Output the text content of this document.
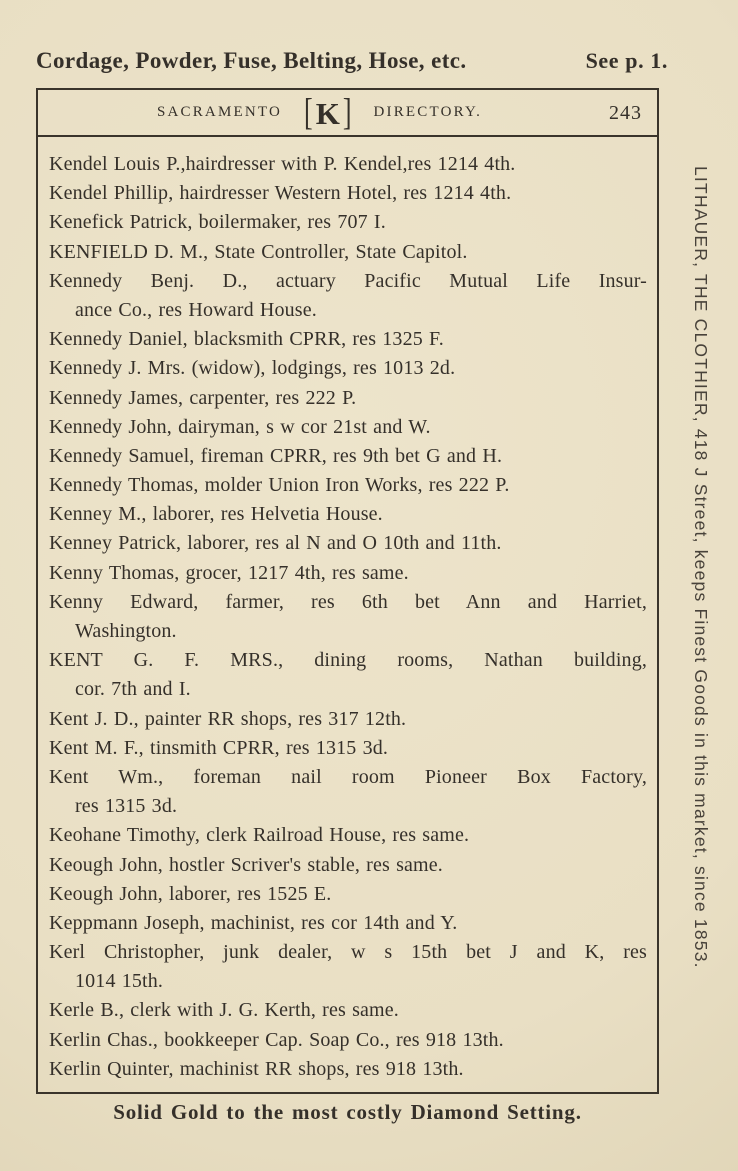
Cordage, Powder, Fuse, Belting, Hose, etc.	See p. 1.
SACRAMENTO [ K ] DIRECTORY.	243
Kendel Louis P.,hairdresser with P. Kendel,res 1214 4th.
Kendel Phillip, hairdresser Western Hotel, res 1214 4th.
Kenefick Patrick, boilermaker, res 707 I.
KENFIELD D. M., State Controller, State Capitol.
Kennedy Benj. D., actuary Pacific Mutual Life Insur-
ance Co., res Howard House.
Kennedy Daniel, blacksmith CPRR, res 1325 F.
Kennedy J. Mrs. (widow), lodgings, res 1013 2d.
Kennedy James, carpenter, res 222 P.
Kennedy John, dairyman, s w cor 21st and W.
Kennedy Samuel, fireman CPRR, res 9th bet G and H.
Kennedy Thomas, molder Union Iron Works, res 222 P.
Kenney M., laborer, res Helvetia House.
Kenney Patrick, laborer, res al N and O 10th and 11th.
Kenny Thomas, grocer, 1217 4th, res same.
Kenny Edward, farmer, res 6th bet Ann and Harriet,
Washington.
KENT G. F. MRS., dining rooms, Nathan building,
cor. 7th and I.
Kent J. D., painter RR shops, res 317 12th.
Kent M. F., tinsmith CPRR, res 1315 3d.
Kent Wm., foreman nail room Pioneer Box Factory,
res 1315 3d.
Keohane Timothy, clerk Railroad House, res same.
Keough John, hostler Scriver's stable, res same.
Keough John, laborer, res 1525 E.
Keppmann Joseph, machinist, res cor 14th and Y.
Kerl Christopher, junk dealer, w s 15th bet J and K, res
1014 15th.
Kerle B., clerk with J. G. Kerth, res same.
Kerlin Chas., bookkeeper Cap. Soap Co., res 918 13th.
Kerlin Quinter, machinist RR shops, res 918 13th.
Solid Gold to the most costly Diamond Setting.
LITHAUER, THE CLOTHIER, 418 J Street, keeps Finest Goods in this market, since 1853.
